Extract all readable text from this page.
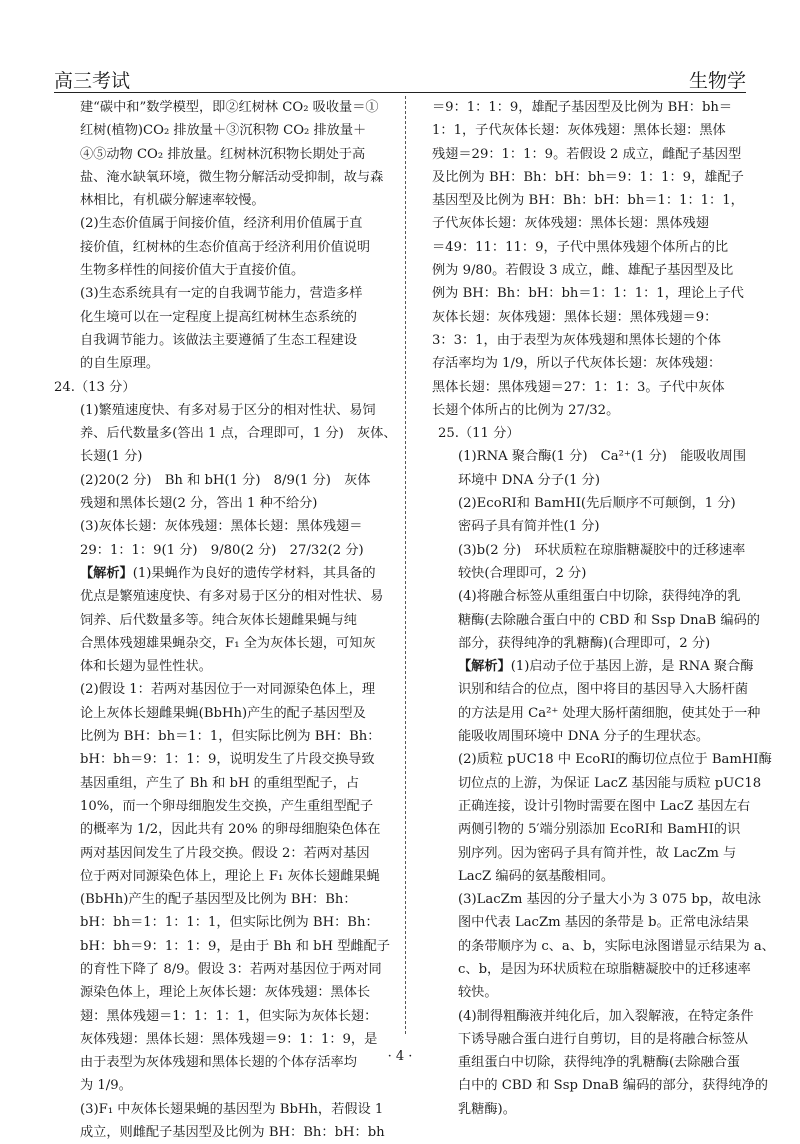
高三考试	生物学
建“碳中和”数学模型，即②红树林 CO₂ 吸收量＝①
红树(植物)CO₂ 排放量＋③沉积物 CO₂ 排放量＋
④⑤动物 CO₂ 排放量。红树林沉积物长期处于高
盐、淹水缺氧环境，微生物分解活动受抑制，故与森
林相比，有机碳分解速率较慢。
(2)生态价值属于间接价值，经济利用价值属于直
接价值，红树林的生态价值高于经济利用价值说明
生物多样性的间接价值大于直接价值。
(3)生态系统具有一定的自我调节能力，营造多样
化生境可以在一定程度上提高红树林生态系统的
自我调节能力。该做法主要遵循了生态工程建设
的自生原理。
24.（13 分）
(1)繁殖速度快、有多对易于区分的相对性状、易饲
养、后代数量多(答出 1 点，合理即可，1 分)　灰体、
长翅(1 分)
(2)20(2 分)　Bh 和 bH(1 分)　8/9(1 分)　灰体
残翅和黑体长翅(2 分，答出 1 种不给分)
(3)灰体长翅：灰体残翅：黑体长翅：黑体残翅＝
29：1：1：9(1 分)　9/80(2 分)　27/32(2 分)
【解析】(1)果蝇作为良好的遗传学材料，其具备的
优点是繁殖速度快、有多对易于区分的相对性状、易
饲养、后代数量多等。纯合灰体长翅雌果蝇与纯
合黑体残翅雄果蝇杂交，F₁ 全为灰体长翅，可知灰
体和长翅为显性性状。
(2)假设 1：若两对基因位于一对同源染色体上，理
论上灰体长翅雌果蝇(BbHh)产生的配子基因型及
比例为 BH：bh＝1：1，但实际比例为 BH：Bh：
bH：bh＝9：1：1：9，说明发生了片段交换导致
基因重组，产生了 Bh 和 bH 的重组型配子，占
10%，而一个卵母细胞发生交换，产生重组型配子
的概率为 1/2，因此共有 20% 的卵母细胞染色体在
两对基因间发生了片段交换。假设 2：若两对基因
位于两对同源染色体上，理论上 F₁ 灰体长翅雌果蝇
(BbHh)产生的配子基因型及比例为 BH：Bh：
bH：bh＝1：1：1：1，但实际比例为 BH：Bh：
bH：bh＝9：1：1：9，是由于 Bh 和 bH 型雌配子
的育性下降了 8/9。假设 3：若两对基因位于两对同
源染色体上，理论上灰体长翅：灰体残翅：黑体长
翅：黑体残翅＝1：1：1：1，但实际为灰体长翅：
灰体残翅：黑体长翅：黑体残翅＝9：1：1：9，是
由于表型为灰体残翅和黑体长翅的个体存活率均
为 1/9。
(3)F₁ 中灰体长翅果蝇的基因型为 BbHh，若假设 1
成立，则雌配子基因型及比例为 BH：Bh：bH：bh
＝9：1：1：9，雄配子基因型及比例为 BH：bh＝
1：1，子代灰体长翅：灰体残翅：黑体长翅：黑体
残翅＝29：1：1：9。若假设 2 成立，雌配子基因型
及比例为 BH：Bh：bH：bh＝9：1：1：9，雄配子
基因型及比例为 BH：Bh：bH：bh＝1：1：1：1，
子代灰体长翅：灰体残翅：黑体长翅：黑体残翅
＝49：11：11：9，子代中黑体残翅个体所占的比
例为 9/80。若假设 3 成立，雌、雄配子基因型及比
例为 BH：Bh：bH：bh＝1：1：1：1，理论上子代
灰体长翅：灰体残翅：黑体长翅：黑体残翅＝9：
3：3：1，由于表型为灰体残翅和黑体长翅的个体
存活率均为 1/9，所以子代灰体长翅：灰体残翅：
黑体长翅：黑体残翅＝27：1：1：3。子代中灰体
长翅个体所占的比例为 27/32。
25.（11 分）
(1)RNA 聚合酶(1 分)　Ca²⁺(1 分)　能吸收周围
环境中 DNA 分子(1 分)
(2)EcoRⅠ和 BamHⅠ(先后顺序不可颠倒，1 分)
密码子具有简并性(1 分)
(3)b(2 分)　环状质粒在琼脂糖凝胶中的迁移速率
较快(合理即可，2 分)
(4)将融合标签从重组蛋白中切除，获得纯净的乳
糖酶(去除融合蛋白中的 CBD 和 Ssp DnaB 编码的
部分，获得纯净的乳糖酶)(合理即可，2 分)
【解析】(1)启动子位于基因上游，是 RNA 聚合酶
识别和结合的位点，图中将目的基因导入大肠杆菌
的方法是用 Ca²⁺ 处理大肠杆菌细胞，使其处于一种
能吸收周围环境中 DNA 分子的生理状态。
(2)质粒 pUC18 中 EcoRI的酶切位点位于 BamHI酶
切位点的上游，为保证 LacZ 基因能与质粒 pUC18
正确连接，设计引物时需要在图中 LacZ 基因左右
两侧引物的 5′端分别添加 EcoRⅠ和 BamHⅠ的识
别序列。因为密码子具有简并性，故 LacZm 与
LacZ 编码的氨基酸相同。
(3)LacZm 基因的分子量大小为 3 075 bp，故电泳
图中代表 LacZm 基因的条带是 b。正常电泳结果
的条带顺序为 c、a、b，实际电泳图谱显示结果为 a、
c、b，是因为环状质粒在琼脂糖凝胶中的迁移速率
较快。
(4)制得粗酶液并纯化后，加入裂解液，在特定条件
下诱导融合蛋白进行自剪切，目的是将融合标签从
重组蛋白中切除，获得纯净的乳糖酶(去除融合蛋
白中的 CBD 和 Ssp DnaB 编码的部分，获得纯净的
乳糖酶)。
· 4 ·
